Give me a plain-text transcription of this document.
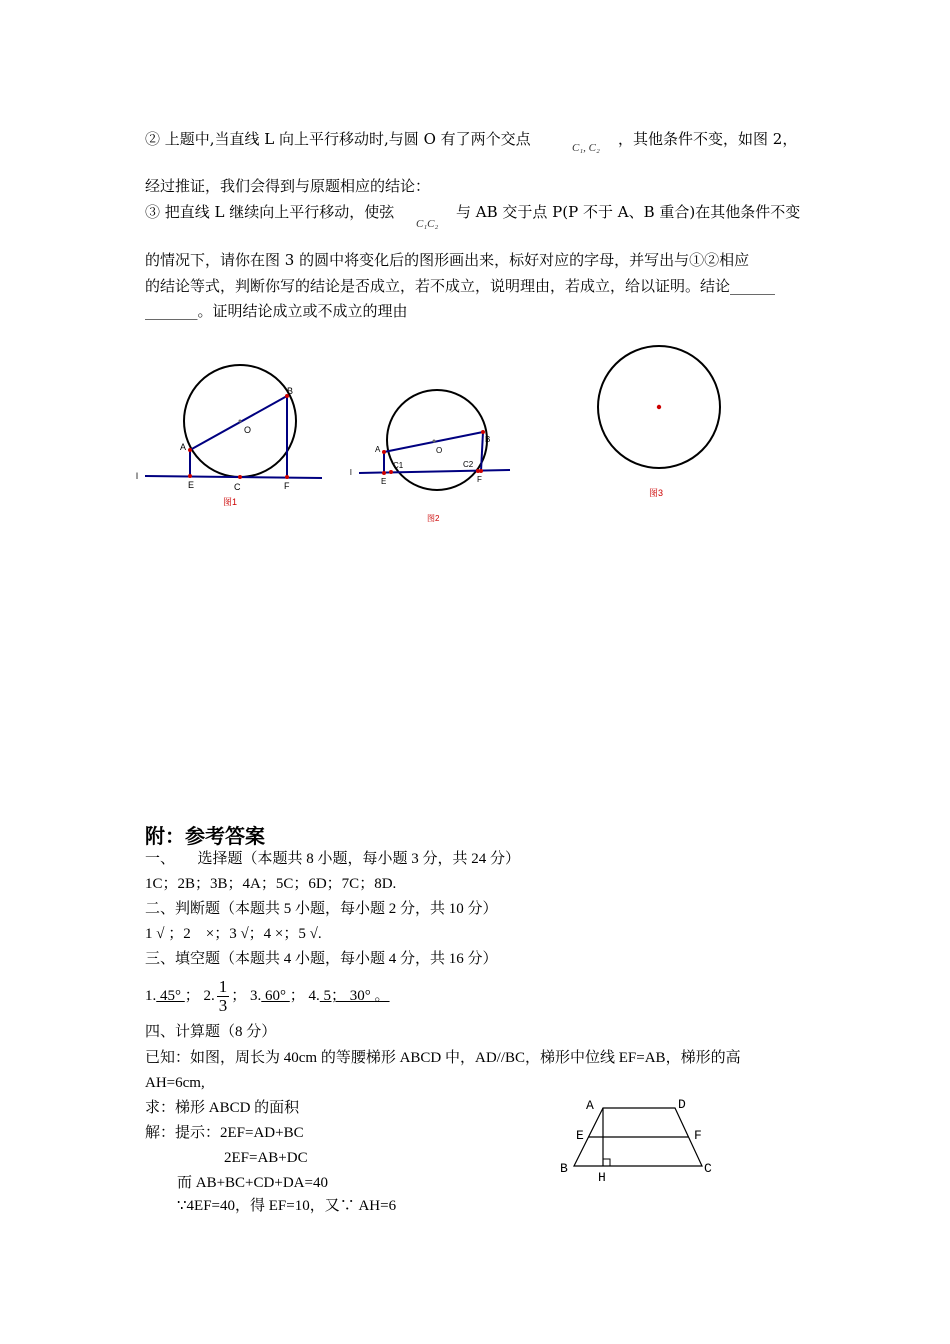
② 上题中,当直线 L 向上平行移动时,与圆 O 有了两个交点	C₁, C₂ ，其他条件不变，如图 2，
经过推证，我们会得到与原题相应的结论：
③ 把直线 L 继续向上平行移动，使弦
C₁C₂
与 AB 交于点 P(P 不于 A、B 重合)在其他条件不变
的情况下，请你在图 3 的圆中将变化后的图形画出来，标好对应的字母，并写出与①②相应
的结论等式，判断你写的结论是否成立，若不成立，说明理由，若成立，给以证明。结论______
_______。证明结论成立或不成立的理由
A
B
O
E	C	F
l
图1
A
B
O
C1	C2
E	F
l
图2
图3
附：参考答案
一、　　选择题（本题共 8 小题，每小题 3 分，共 24 分）
1C；2B；3B；4A；5C；6D；7C；8D.
二、判断题（本题共 5 小题，每小题 2 分，共 10 分）
1 √ ；2　×；3 √；4 ×；5 √.
三、填空题（本题共 4 小题，每小题 4 分，共 16 分）
1. 45° ； 2. $\frac{1}{3}$ ； 3. 60° ； 4. 5； 30° 。
四、计算题（8 分）
已知：如图，周长为 40cm 的等腰梯形 ABCD 中，AD//BC，梯形中位线 EF=AB，梯形的高
AH=6cm,
求：梯形 ABCD 的面积
解：提示：2EF=AD+BC
2EF=AB+DC
而 AB+BC+CD+DA=40
∵4EF=40，得 EF=10，又∵ AH=6
A	D
E	F
B
H
C
